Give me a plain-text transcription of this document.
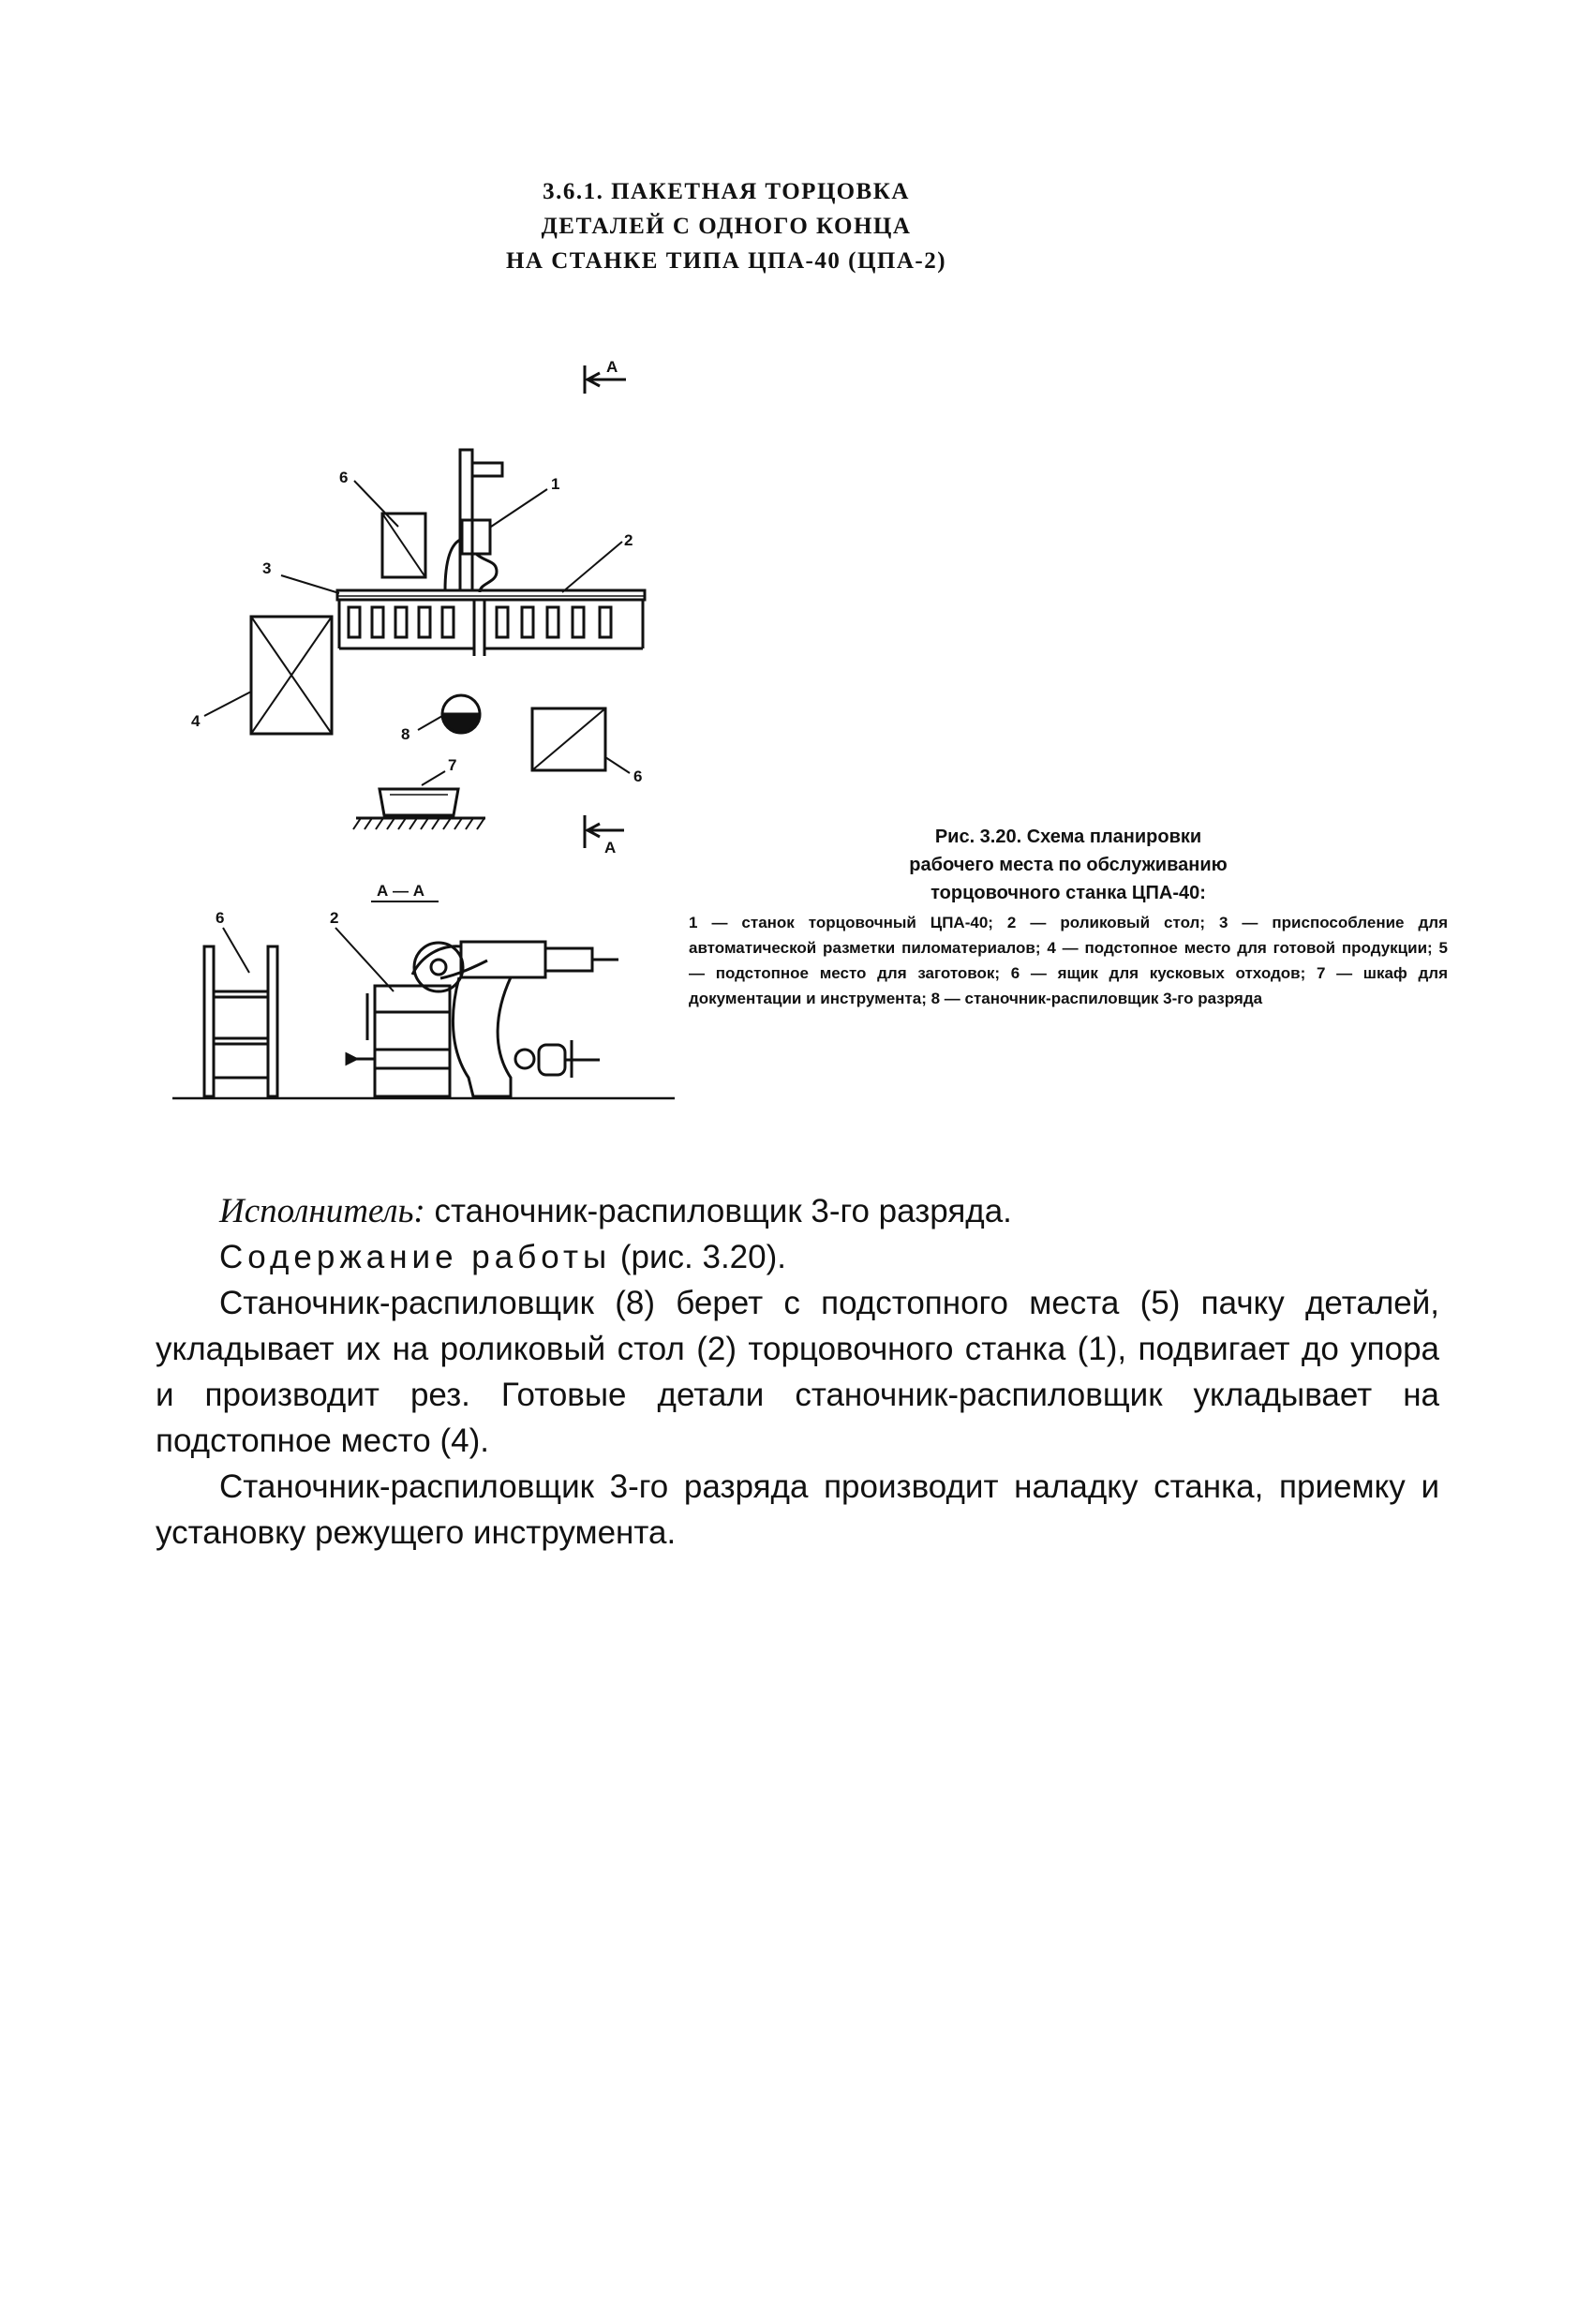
3.6.1. ПАКЕТНАЯ ТОРЦОВКА
ДЕТАЛЕЙ С ОДНОГО КОНЦА
НА СТАНКЕ ТИПА ЦПА-40 (ЦПА-2)
А
А
1
2
3
4
6
8
6
7
А — А
6	2
Рис. 3.20. Схема планировки
рабочего места по обслуживанию
торцовочного станка ЦПА-40:
1 — станок торцовочный ЦПА-40; 2 — роликовый стол; 3 — приспособление для автоматической разметки пиломатериалов; 4 — подстопное место для готовой продукции; 5 — подстопное место для заготовок; 6 — ящик для кусковых отходов; 7 — шкаф для документации и инструмента; 8 — станочник-распиловщик 3-го разряда

Исполнитель: станочник-распиловщик 3-го разряда.

Содержание работы (рис. 3.20).

Станочник-распиловщик (8) берет с подстопного места (5) пачку деталей, укладывает их на роликовый стол (2) торцовочного станка (1), подвигает до упора и производит рез. Готовые детали станочник-распиловщик укладывает на подстопное место (4).

Станочник-распиловщик 3-го разряда производит наладку станка, приемку и установку режущего инструмента.
